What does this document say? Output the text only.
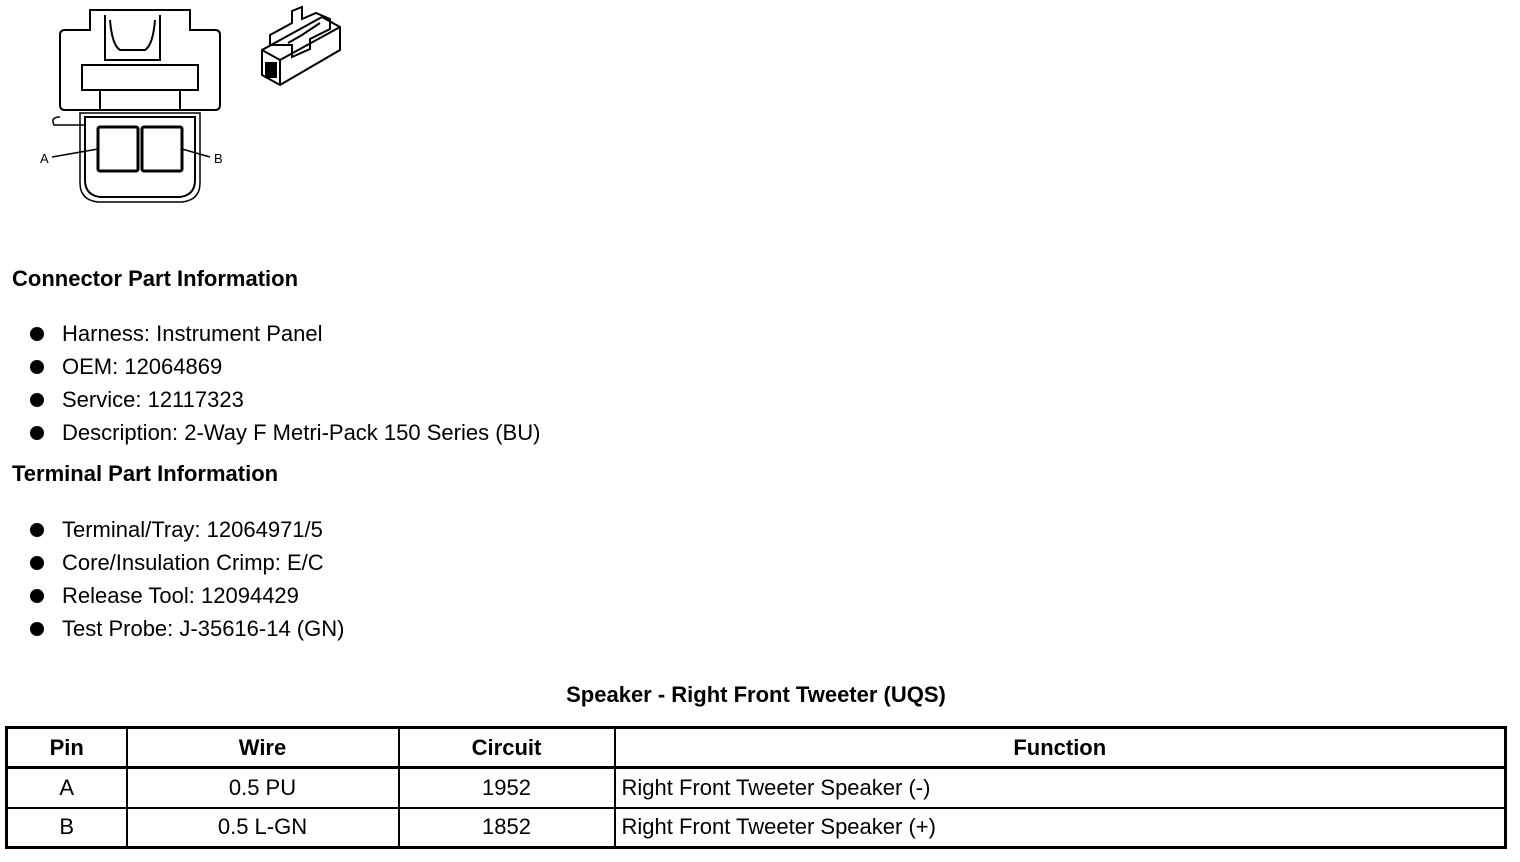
A	B
Connector Part Information
Harness: Instrument Panel
OEM: 12064869
Service: 12117323
Description: 2-Way F Metri-Pack 150 Series (BU)
Terminal Part Information
Terminal/Tray: 12064971/5
Core/Insulation Crimp: E/C
Release Tool: 12094429
Test Probe: J-35616-14 (GN)
Speaker - Right Front Tweeter (UQS)
Pin	Wire	Circuit	Function
A	0.5 PU	1952	Right Front Tweeter Speaker (-)
B	0.5 L-GN	1852	Right Front Tweeter Speaker (+)
